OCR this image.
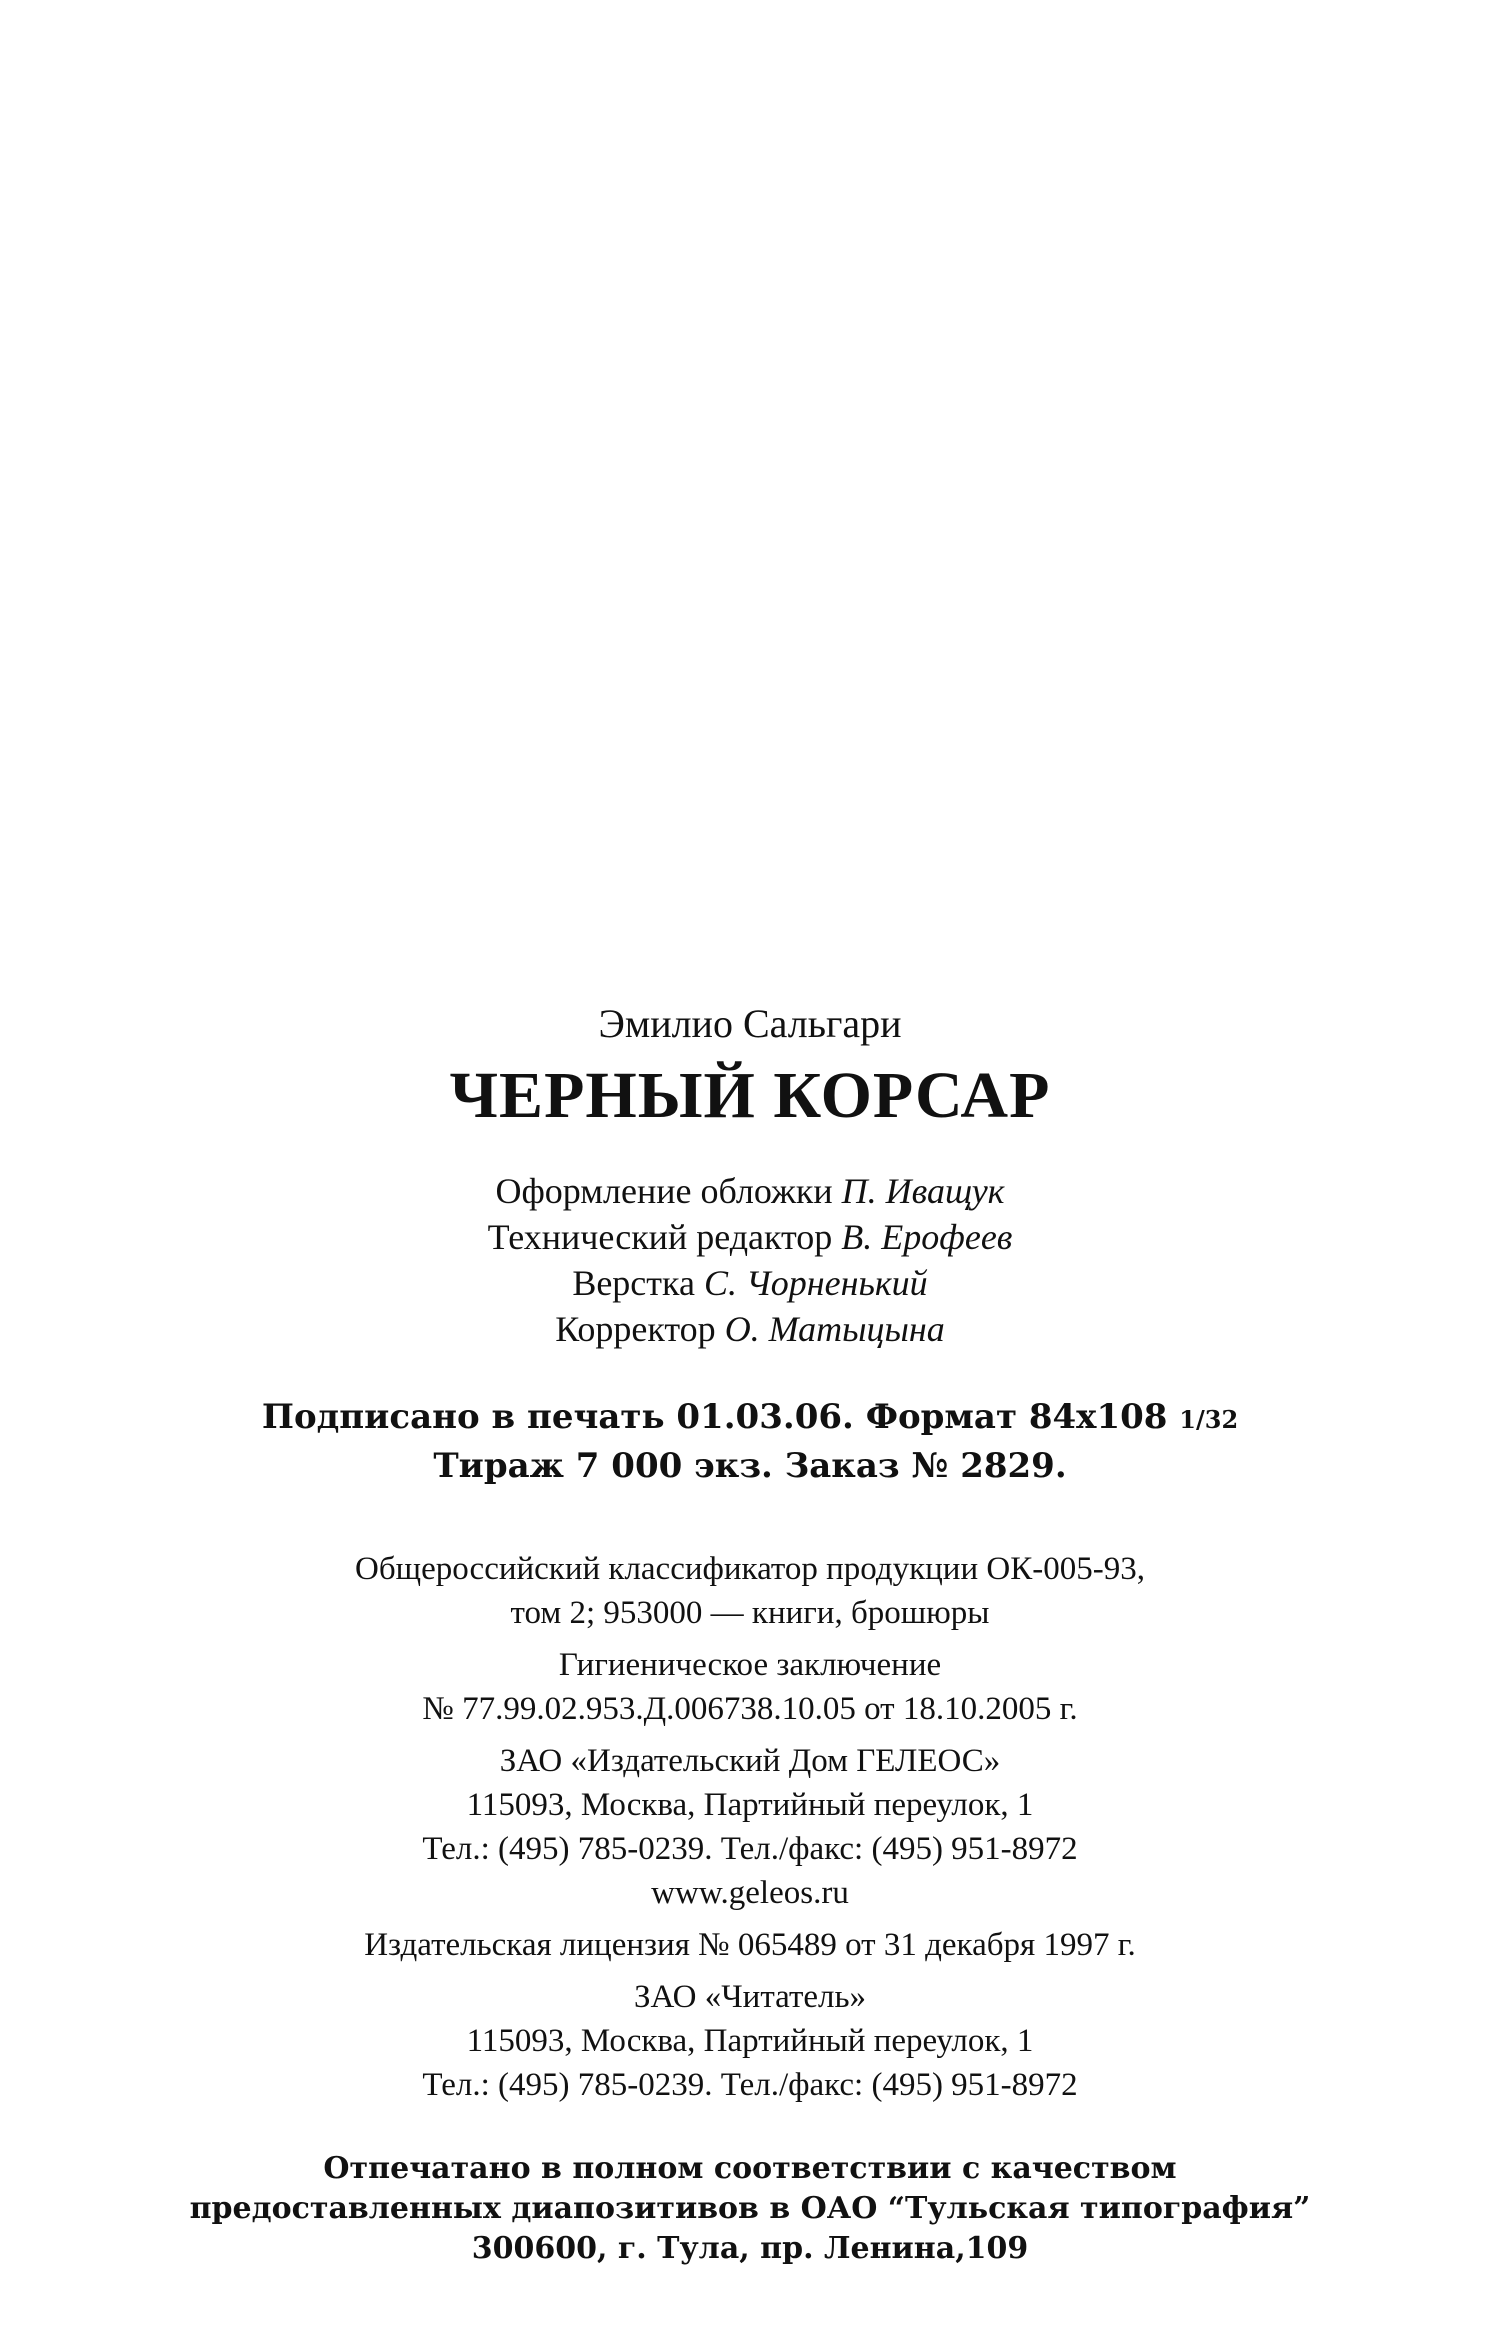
Эмилио Сальгари
ЧЕРНЫЙ КОРСАР
Оформление обложки П. Иващук
Технический редактор В. Ерофеев
Верстка С. Чорненький
Корректор О. Матыцына
Подписано в печать 01.03.06. Формат 84x108 1/32
Тираж 7 000 экз. Заказ № 2829.
Общероссийский классификатор продукции ОК-005-93,
том 2; 953000 — книги, брошюры
Гигиеническое заключение
№ 77.99.02.953.Д.006738.10.05 от 18.10.2005 г.
ЗАО «Издательский Дом ГЕЛЕОС»
115093, Москва, Партийный переулок, 1
Тел.: (495) 785-0239. Тел./факс: (495) 951-8972
www.geleos.ru
Издательская лицензия № 065489 от 31 декабря 1997 г.
ЗАО «Читатель»
115093, Москва, Партийный переулок, 1
Тел.: (495) 785-0239. Тел./факс: (495) 951-8972
Отпечатано в полном соответствии с качеством
предоставленных диапозитивов в ОАО “Тульская типография”
300600, г. Тула, пр. Ленина,109
